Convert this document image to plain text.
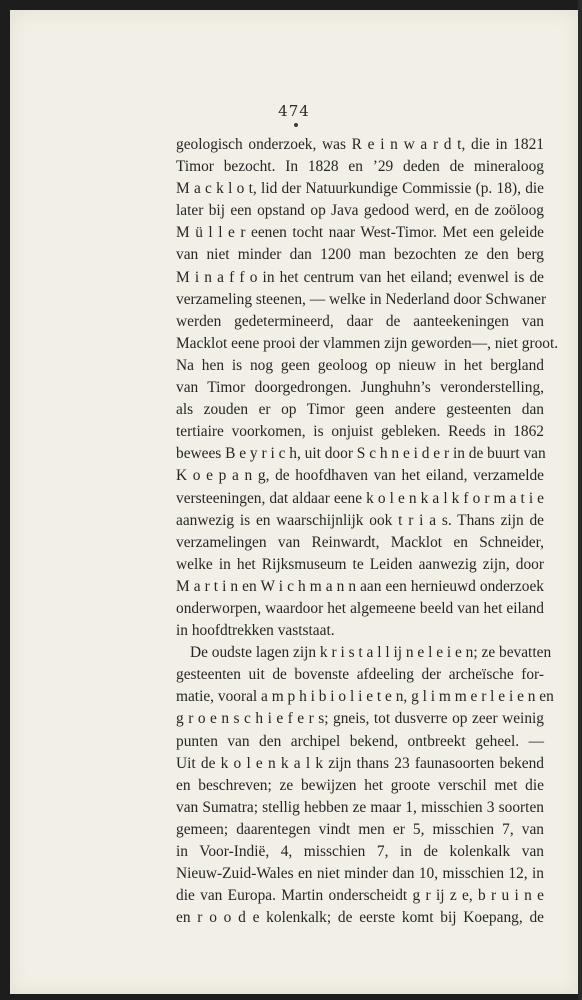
474
geologisch onderzoek, was R e i n w a r d t, die in 1821
Timor bezocht. In 1828 en ’29 deden de mineraloog
M a c k l o t, lid der Natuurkundige Commissie (p. 18), die
later bij een opstand op Java gedood werd, en de zoöloog
M ü l l e r eenen tocht naar West-Timor. Met een geleide
van niet minder dan 1200 man bezochten ze den berg
M i n a f f o in het centrum van het eiland; evenwel is de
verzameling steenen, — welke in Nederland door Schwaner
werden gedetermineerd, daar de aanteekeningen van
Macklot eene prooi der vlammen zijn geworden—, niet groot.
Na hen is nog geen geoloog op nieuw in het bergland
van Timor doorgedrongen. Junghuhn’s veronderstelling,
als zouden er op Timor geen andere gesteenten dan
tertiaire voorkomen, is onjuist gebleken. Reeds in 1862
bewees B e y r i c h, uit door S c h n e i d e r in de buurt van
K o e p a n g, de hoofdhaven van het eiland, verzamelde
versteeningen, dat aldaar eene k o l e n k a l k f o r m a t i e
aanwezig is en waarschijnlijk ook t r i a s. Thans zijn de
verzamelingen van Reinwardt, Macklot en Schneider,
welke in het Rijksmuseum te Leiden aanwezig zijn, door
M a r t i n en W i c h m a n n aan een hernieuwd onderzoek
onderworpen, waardoor het algemeene beeld van het eiland
in hoofdtrekken vaststaat.
De oudste lagen zijn k r i s t a l l ij n e l e i e n; ze bevatten
gesteenten uit de bovenste afdeeling der archeïsche for-
matie, vooral a m p h i b i o l i e t e n, g l i m m e r l e i e n en
g r o e n s c h i e f e r s; gneis, tot dusverre op zeer weinig
punten van den archipel bekend, ontbreekt geheel. —
Uit de k o l e n k a l k zijn thans 23 faunasoorten bekend
en beschreven; ze bewijzen het groote verschil met die
van Sumatra; stellig hebben ze maar 1, misschien 3 soorten
gemeen; daarentegen vindt men er 5, misschien 7, van
in Voor-Indië, 4, misschien 7, in de kolenkalk van
Nieuw-Zuid-Wales en niet minder dan 10, misschien 12, in
die van Europa. Martin onderscheidt g r ij z e, b r u i n e
en r o o d e kolenkalk; de eerste komt bij Koepang, de
